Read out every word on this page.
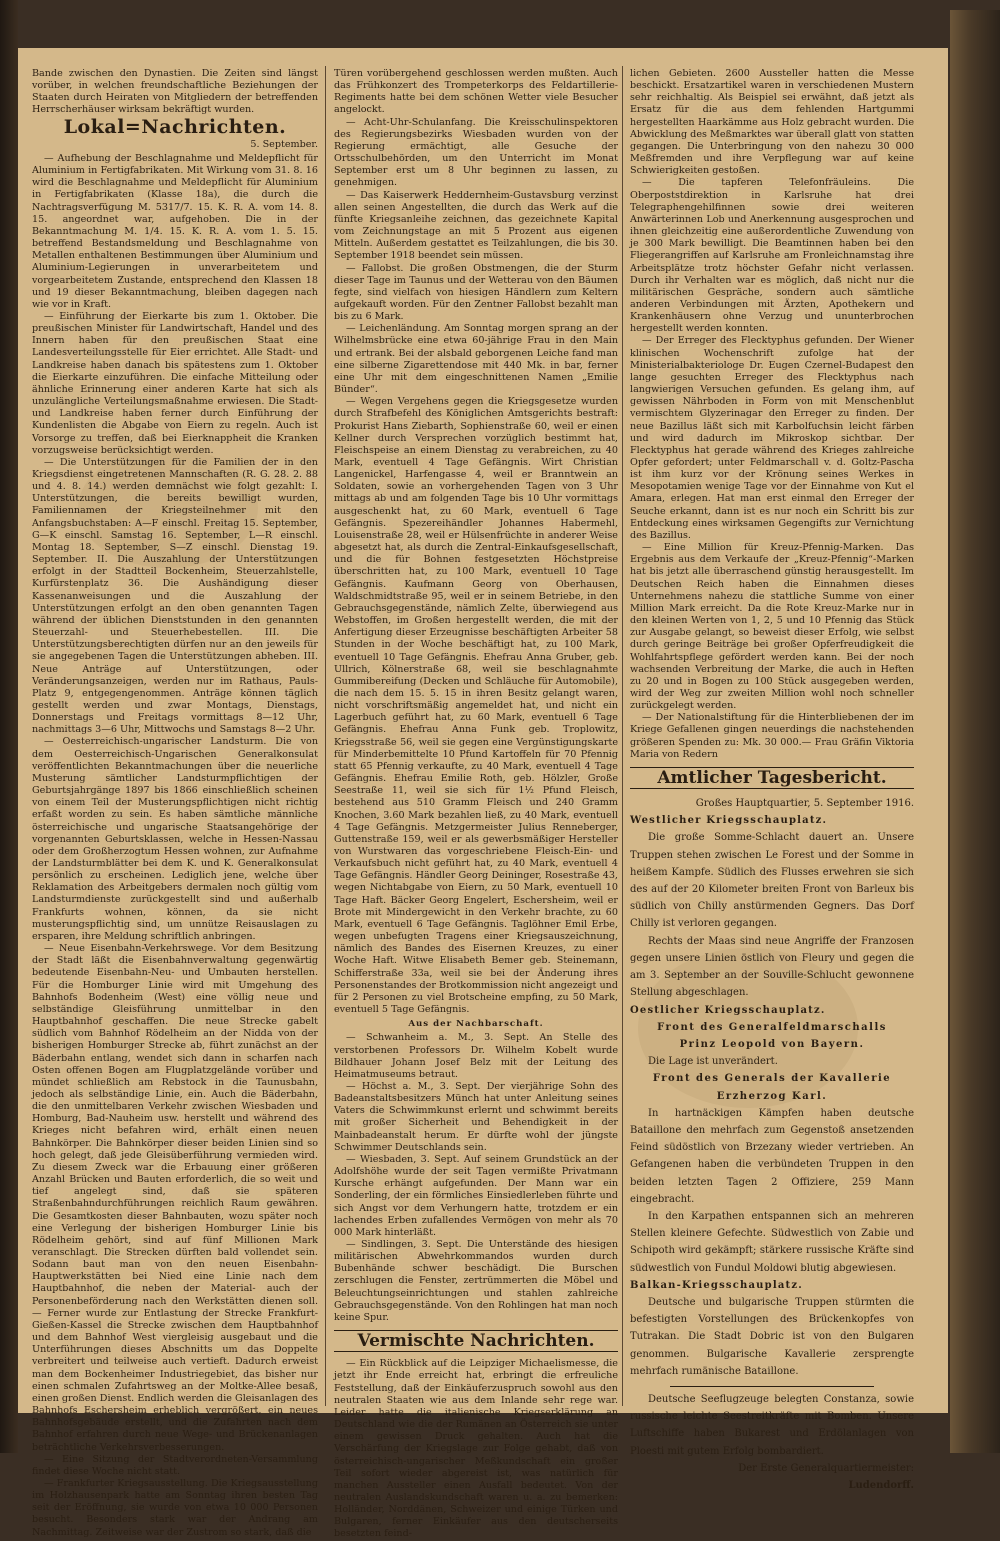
Bande zwischen den Dynastien. Die Zeiten sind längst vorüber, in welchen freundschaftliche Beziehungen der Staaten durch Heiraten von Mitgliedern der betreffenden Herrscherhäuser wirksam bekräftigt wurden.

Lokal=Nachrichten.
5. September.

— Aufhebung der Beschlagnahme und Meldepflicht für Aluminium in Fertigfabrikaten. Mit Wirkung vom 31. 8. 16 wird die Beschlagnahme und Meldepflicht für Aluminium in Fertigfabrikaten (Klasse 18a), die durch die Nachtragsverfügung M. 5317/7. 15. K. R. A. vom 14. 8. 15. angeordnet war, aufgehoben. Die in der Bekanntmachung M. 1/4. 15. K. R. A. vom 1. 5. 15. betreffend Bestandsmeldung und Beschlagnahme von Metallen enthaltenen Bestimmungen über Aluminium und Aluminium-Legierungen in unverarbeitetem und vorgearbeitetem Zustande, entsprechend den Klassen 18 und 19 dieser Bekanntmachung, bleiben dagegen nach wie vor in Kraft.

— Einführung der Eierkarte bis zum 1. Oktober. Die preußischen Minister für Landwirtschaft, Handel und des Innern haben für den preußischen Staat eine Landesverteilungsstelle für Eier errichtet. Alle Stadt- und Landkreise haben danach bis spätestens zum 1. Oktober die Eierkarte einzuführen. Die einfache Mitteilung oder ähnliche Erinnerung einer anderen Karte hat sich als unzulängliche Verteilungsmaßnahme erwiesen. Die Stadt- und Landkreise haben ferner durch Einführung der Kundenlisten die Abgabe von Eiern zu regeln. Auch ist Vorsorge zu treffen, daß bei Eierknappheit die Kranken vorzugsweise berücksichtigt werden.

— Die Unterstützungen für die Familien der in den Kriegsdienst eingetretenen Mannschaften (R. G. 28. 2. 88 und 4. 8. 14.) werden demnächst wie folgt gezahlt: I. Unterstützungen, die bereits bewilligt wurden, Familiennamen der Kriegsteilnehmer mit den Anfangsbuchstaben: A—F einschl. Freitag 15. September, G—K einschl. Samstag 16. September, L—R einschl. Montag 18. September, S—Z einschl. Dienstag 19. September. II. Die Auszahlung der Unterstützungen erfolgt in der Stadtteil Bockenheim, Steuerzahlstelle, Kurfürstenplatz 36. Die Aushändigung dieser Kassenanweisungen und die Auszahlung der Unterstützungen erfolgt an den oben genannten Tagen während der üblichen Dienststunden in den genannten Steuerzahl- und Steuerhebestellen. III. Die Unterstützungsberechtigten dürfen nur an den jeweils für sie angegebenen Tagen die Unterstützungen abheben. III. Neue Anträge auf Unterstützungen, oder Veränderungsanzeigen, werden nur im Rathaus, Pauls-Platz 9, entgegengenommen. Anträge können täglich gestellt werden und zwar Montags, Dienstags, Donnerstags und Freitags vormittags 8—12 Uhr, nachmittags 3—6 Uhr, Mittwochs und Samstags 8—2 Uhr.

— Oesterreichisch-ungarischer Landsturm. Die von dem Oesterreichisch-Ungarischen Generalkonsulat veröffentlichten Bekanntmachungen über die neuerliche Musterung sämtlicher Landsturmpflichtigen der Geburtsjahrgänge 1897 bis 1866 einschließlich scheinen von einem Teil der Musterungspflichtigen nicht richtig erfaßt worden zu sein. Es haben sämtliche männliche österreichische und ungarische Staatsangehörige der vorgenannten Geburtsklassen, welche in Hessen-Nassau oder dem Großherzogtum Hessen wohnen, zur Aufnahme der Landsturmblätter bei dem K. und K. Generalkonsulat persönlich zu erscheinen. Lediglich jene, welche über Reklamation des Arbeitgebers dermalen noch gültig vom Landsturmdienste zurückgestellt sind und außerhalb Frankfurts wohnen, können, da sie nicht musterungspflichtig sind, um unnütze Reisauslagen zu ersparen, ihre Meldung schriftlich anbringen.

— Neue Eisenbahn-Verkehrswege. Vor dem Besitzung der Stadt läßt die Eisenbahnverwaltung gegenwärtig bedeutende Eisenbahn-Neu- und Umbauten herstellen. Für die Homburger Linie wird mit Umgehung des Bahnhofs Bodenheim (West) eine völlig neue und selbständige Gleisführung unmittelbar in den Hauptbahnhof geschaffen. Die neue Strecke gabelt südlich vom Bahnhof Rödelheim an der Nidda von der bisherigen Homburger Strecke ab, führt zunächst an der Bäderbahn entlang, wendet sich dann in scharfen nach Osten offenen Bogen am Flugplatzgelände vorüber und mündet schließlich am Rebstock in die Taunusbahn, jedoch als selbständige Linie, ein. Auch die Bäderbahn, die den unmittelbaren Verkehr zwischen Wiesbaden und Homburg, Bad-Nauheim usw. herstellt und während des Krieges nicht befahren wird, erhält einen neuen Bahnkörper. Die Bahnkörper dieser beiden Linien sind so hoch gelegt, daß jede Gleisüberführung vermieden wird. Zu diesem Zweck war die Erbauung einer größeren Anzahl Brücken und Bauten erforderlich, die so weit und tief angelegt sind, daß sie späteren Straßenbahndurchführungen reichlich Raum gewähren. Die Gesamtkosten dieser Bahnbauten, wozu später noch eine Verlegung der bisherigen Homburger Linie bis Rödelheim gehört, sind auf fünf Millionen Mark veranschlagt. Die Strecken dürften bald vollendet sein. Sodann baut man von den neuen Eisenbahn-Hauptwerkstätten bei Nied eine Linie nach dem Hauptbahnhof, die neben der Material- auch der Personenbeförderung nach den Werkstätten dienen soll. — Ferner wurde zur Entlastung der Strecke Frankfurt-Gießen-Kassel die Strecke zwischen dem Hauptbahnhof und dem Bahnhof West viergleisig ausgebaut und die Unterführungen dieses Abschnitts um das Doppelte verbreitert und teilweise auch vertieft. Dadurch erweist man dem Bockenheimer Industriegebiet, das bisher nur einen schmalen Zufahrtsweg an der Moltke-Allee besaß, einen großen Dienst. Endlich werden die Gleisanlagen des Bahnhofs Eschersheim erheblich vergrößert, ein neues Bahnhofsgebäude erstellt, und die Zufahrten nach dem Bahnhof erfahren durch neue Wege- und Brückenanlagen beträchtliche Verkehrsverbesserungen.

— Eine Sitzung der Stadtverordneten-Versammlung findet diese Woche nicht statt.

— Frankfurter Kriegsausstellung. Die Kriegsausstellung im Holzhausenpark hatte am Sonntag ihren besten Tag seit der Eröffnung, sie wurde von etwa 10 000 Personen besucht. Besonders stark war der Andrang am Nachmittag. Zeitweise war der Zustrom so stark, daß die

Türen vorübergehend geschlossen werden mußten. Auch das Frühkonzert des Trompeterkorps des Feldartillerie-Regiments hatte bei dem schönen Wetter viele Besucher angelockt.

— Acht-Uhr-Schulanfang. Die Kreisschulinspektoren des Regierungsbezirks Wiesbaden wurden von der Regierung ermächtigt, alle Gesuche der Ortsschulbehörden, um den Unterricht im Monat September erst um 8 Uhr beginnen zu lassen, zu genehmigen.

— Das Kaiserwerk Heddernheim-Gustavsburg verzinst allen seinen Angestellten, die durch das Werk auf die fünfte Kriegsanleihe zeichnen, das gezeichnete Kapital vom Zeichnungstage an mit 5 Prozent aus eigenen Mitteln. Außerdem gestattet es Teilzahlungen, die bis 30. September 1918 beendet sein müssen.

— Fallobst. Die großen Obstmengen, die der Sturm dieser Tage im Taunus und der Wetterau von den Bäumen fegte, sind vielfach von hiesigen Händlern zum Keltern aufgekauft worden. Für den Zentner Fallobst bezahlt man bis zu 6 Mark.

— Leichenländung. Am Sonntag morgen sprang an der Wilhelmsbrücke eine etwa 60-jährige Frau in den Main und ertrank. Bei der alsbald geborgenen Leiche fand man eine silberne Zigarettendose mit 440 Mk. in bar, ferner eine Uhr mit dem eingeschnittenen Namen „Emilie Bünder“.

— Wegen Vergehens gegen die Kriegsgesetze wurden durch Strafbefehl des Königlichen Amtsgerichts bestraft: Prokurist Hans Ziebarth, Sophienstraße 60, weil er einen Kellner durch Versprechen vorzüglich bestimmt hat, Fleischspeise an einem Dienstag zu verabreichen, zu 40 Mark, eventuell 4 Tage Gefängnis. Wirt Christian Langenickel, Harfengasse 4, weil er Branntwein an Soldaten, sowie an vorhergehenden Tagen von 3 Uhr mittags ab und am folgenden Tage bis 10 Uhr vormittags ausgeschenkt hat, zu 60 Mark, eventuell 6 Tage Gefängnis. Spezereihändler Johannes Habermehl, Louisenstraße 28, weil er Hülsenfrüchte in anderer Weise abgesetzt hat, als durch die Zentral-Einkaufsgesellschaft, und die für Bohnen festgesetzten Höchstpreise überschritten hat, zu 100 Mark, eventuell 10 Tage Gefängnis. Kaufmann Georg von Oberhausen, Waldschmidtstraße 95, weil er in seinem Betriebe, in den Gebrauchsgegenstände, nämlich Zelte, überwiegend aus Webstoffen, im Großen hergestellt werden, die mit der Anfertigung dieser Erzeugnisse beschäftigten Arbeiter 58 Stunden in der Woche beschäftigt hat, zu 100 Mark, eventuell 10 Tage Gefängnis. Ehefrau Anna Gruber, geb. Ullrich, Kölnerstraße 68, weil sie beschlagnahmte Gummibereifung (Decken und Schläuche für Automobile), die nach dem 15. 5. 15 in ihren Besitz gelangt waren, nicht vorschriftsmäßig angemeldet hat, und nicht ein Lagerbuch geführt hat, zu 60 Mark, eventuell 6 Tage Gefängnis. Ehefrau Anna Funk geb. Troplowitz, Kriegsstraße 56, weil sie gegen eine Vergünstigungskarte für Minderbemittelte 10 Pfund Kartoffeln für 70 Pfennig statt 65 Pfennig verkaufte, zu 40 Mark, eventuell 4 Tage Gefängnis. Ehefrau Emilie Roth, geb. Hölzler, Große Seestraße 11, weil sie sich für 1½ Pfund Fleisch, bestehend aus 510 Gramm Fleisch und 240 Gramm Knochen, 3.60 Mark bezahlen ließ, zu 40 Mark, eventuell 4 Tage Gefängnis. Metzgermeister Julius Renneberger, Guttenstraße 159, weil er als gewerbsmäßiger Hersteller von Wurstwaren das vorgeschriebene Fleisch-Ein- und Verkaufsbuch nicht geführt hat, zu 40 Mark, eventuell 4 Tage Gefängnis. Händler Georg Deininger, Rosestraße 43, wegen Nichtabgabe von Eiern, zu 50 Mark, eventuell 10 Tage Haft. Bäcker Georg Engelert, Eschersheim, weil er Brote mit Mindergewicht in den Verkehr brachte, zu 60 Mark, eventuell 6 Tage Gefängnis. Taglöhner Emil Erbe, wegen unbefugten Tragens einer Kriegsauszeichnung, nämlich des Bandes des Eisernen Kreuzes, zu einer Woche Haft. Witwe Elisabeth Bemer geb. Steinemann, Schifferstraße 33a, weil sie bei der Änderung ihres Personenstandes der Brotkommission nicht angezeigt und für 2 Personen zu viel Brotscheine empfing, zu 50 Mark, eventuell 5 Tage Gefängnis.

Aus der Nachbarschaft.

— Schwanheim a. M., 3. Sept. An Stelle des verstorbenen Professors Dr. Wilhelm Kobelt wurde Bildhauer Johann Josef Belz mit der Leitung des Heimatmuseums betraut.

— Höchst a. M., 3. Sept. Der vierjährige Sohn des Badeanstaltsbesitzers Münch hat unter Anleitung seines Vaters die Schwimmkunst erlernt und schwimmt bereits mit großer Sicherheit und Behendigkeit in der Mainbadeanstalt herum. Er dürfte wohl der jüngste Schwimmer Deutschlands sein.

— Wiesbaden, 3. Sept. Auf seinem Grundstück an der Adolfshöhe wurde der seit Tagen vermißte Privatmann Kursche erhängt aufgefunden. Der Mann war ein Sonderling, der ein förmliches Einsiedlerleben führte und sich Angst vor dem Verhungern hatte, trotzdem er ein lachendes Erben zufallendes Vermögen von mehr als 70 000 Mark hinterläßt.

— Sindlingen, 3. Sept. Die Unterstände des hiesigen militärischen Abwehrkommandos wurden durch Bubenhände schwer beschädigt. Die Burschen zerschlugen die Fenster, zertrümmerten die Möbel und Beleuchtungseinrichtungen und stahlen zahlreiche Gebrauchsgegenstände. Von den Rohlingen hat man noch keine Spur.

Vermischte Nachrichten.

— Ein Rückblick auf die Leipziger Michaelismesse, die jetzt ihr Ende erreicht hat, erbringt die erfreuliche Feststellung, daß der Einkäuferzuspruch sowohl aus den neutralen Staaten wie aus dem Inlande sehr rege war. Leider hatte die italienische Kriegserklärung an Deutschland wie die der Rumänen an Österreich sie unter einem gewissen Druck gehalten. Auch hat die Verschärfung der Kriegslage zur Folge gehabt, daß von österreichisch-ungarischer Meßkundschaft ein großer Teil sofort wieder abgereist ist, was natürlich für manchen Aussteller einen Ausfall bedeutet. Von der neutralen Auslandskundschaft waren u. a. zu bemerken: Holländer, Norddänen, Schweizer und einige Türken und Bulgaren, ferner Einkäufer aus den deutscherseits besetzten feind-

lichen Gebieten. 2600 Aussteller hatten die Messe beschickt. Ersatzartikel waren in verschiedenen Mustern sehr reichhaltig. Als Beispiel sei erwähnt, daß jetzt als Ersatz für die aus dem fehlenden Hartgummi hergestellten Haarkämme aus Holz gebracht wurden. Die Abwicklung des Meßmarktes war überall glatt von statten gegangen. Die Unterbringung von den nahezu 30 000 Meßfremden und ihre Verpflegung war auf keine Schwierigkeiten gestoßen.

— Die tapferen Telefonfräuleins. Die Oberpoststdirektion in Karlsruhe hat drei Telegraphengehilfinnen sowie drei weiteren Anwärterinnen Lob und Anerkennung ausgesprochen und ihnen gleichzeitig eine außerordentliche Zuwendung von je 300 Mark bewilligt. Die Beamtinnen haben bei den Fliegerangriffen auf Karlsruhe am Fronleichnamstag ihre Arbeitsplätze trotz höchster Gefahr nicht verlassen. Durch ihr Verhalten war es möglich, daß nicht nur die militärischen Gespräche, sondern auch sämtliche anderen Verbindungen mit Ärzten, Apothekern und Krankenhäusern ohne Verzug und ununterbrochen hergestellt werden konnten.

— Der Erreger des Flecktyphus gefunden. Der Wiener klinischen Wochenschrift zufolge hat der Ministerialbakteriologe Dr. Eugen Czernel-Budapest den lange gesuchten Erreger des Flecktyphus nach langwierigen Versuchen gefunden. Es gelang ihm, auf gewissen Nährboden in Form von mit Menschenblut vermischtem Glyzerinagar den Erreger zu finden. Der neue Bazillus läßt sich mit Karbolfuchsin leicht färben und wird dadurch im Mikroskop sichtbar. Der Flecktyphus hat gerade während des Krieges zahlreiche Opfer gefordert; unter Feldmarschall v. d. Goltz-Pascha ist ihm kurz vor der Krönung seines Werkes in Mesopotamien wenige Tage vor der Einnahme von Kut el Amara, erlegen. Hat man erst einmal den Erreger der Seuche erkannt, dann ist es nur noch ein Schritt bis zur Entdeckung eines wirksamen Gegengifts zur Vernichtung des Bazillus.

— Eine Million für Kreuz-Pfennig-Marken. Das Ergebnis aus dem Verkaufe der „Kreuz-Pfennig“-Marken hat bis jetzt alle überraschend günstig herausgestellt. Im Deutschen Reich haben die Einnahmen dieses Unternehmens nahezu die stattliche Summe von einer Million Mark erreicht. Da die Rote Kreuz-Marke nur in den kleinen Werten von 1, 2, 5 und 10 Pfennig das Stück zur Ausgabe gelangt, so beweist dieser Erfolg, wie selbst durch geringe Beiträge bei großer Opferfreudigkeit die Wohlfahrtspflege gefördert werden kann. Bei der noch wachsenden Verbreitung der Marke, die auch in Heften zu 20 und in Bogen zu 100 Stück ausgegeben werden, wird der Weg zur zweiten Million wohl noch schneller zurückgelegt werden.

— Der Nationalstiftung für die Hinterbliebenen der im Kriege Gefallenen gingen neuerdings die nachstehenden größeren Spenden zu: Mk. 30 000.— Frau Gräfin Viktoria Maria von Redern

Amtlicher Tagesbericht.

Großes Hauptquartier, 5. September 1916.

Westlicher Kriegsschauplatz.

Die große Somme-Schlacht dauert an. Unsere Truppen stehen zwischen Le Forest und der Somme in heißem Kampfe. Südlich des Flusses erwehren sie sich des auf der 20 Kilometer breiten Front von Barleux bis südlich von Chilly anstürmenden Gegners. Das Dorf Chilly ist verloren gegangen.

Rechts der Maas sind neue Angriffe der Franzosen gegen unsere Linien östlich von Fleury und gegen die am 3. September an der Souville-Schlucht gewonnene Stellung abgeschlagen.

Oestlicher Kriegsschauplatz.

Front des Generalfeldmarschalls

Prinz Leopold von Bayern.

Die Lage ist unverändert.

Front des Generals der Kavallerie

Erzherzog Karl.

In hartnäckigen Kämpfen haben deutsche Bataillone den mehrfach zum Gegenstoß ansetzenden Feind südöstlich von Brzezany wieder vertrieben. An Gefangenen haben die verbündeten Truppen in den beiden letzten Tagen 2 Offiziere, 259 Mann eingebracht.

In den Karpathen entspannen sich an mehreren Stellen kleinere Gefechte. Südwestlich von Zabie und Schipoth wird gekämpft; stärkere russische Kräfte sind südwestlich von Fundul Moldowi blutig abgewiesen.

Balkan-Kriegsschauplatz.

Deutsche und bulgarische Truppen stürmten die befestigten Vorstellungen des Brückenkopfes von Tutrakan. Die Stadt Dobric ist von den Bulgaren genommen. Bulgarische Kavallerie zersprengte mehrfach rumänische Bataillone.

Deutsche Seeflugzeuge belegten Constanza, sowie russische leichte Seestreitkräfte mit Bomben. Unsere Luftschiffe haben Bukarest und Erdölanlagen von Ploesti mit gutem Erfolg bombardiert.

Der Erste Generalquartiermeister:

Ludendorff.
